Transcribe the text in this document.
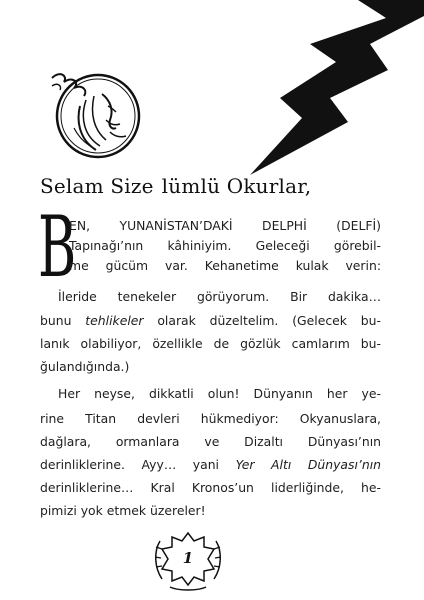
Selam Size lümlü Okurlar,
B
EN, YUNANİSTAN’DAKİ DELPHİ (DELFİ)
Tapınağı’nın kâhiniyim. Geleceği görebil-
me gücüm var. Kehanetime kulak verin:
İleride tenekeler görüyorum. Bir dakika…
bunu tehlikeler olarak düzeltelim. (Gelecek bu-
lanık olabiliyor, özellikle de gözlük camlarım bu-
ğulandığında.)
Her neyse, dikkatli olun! Dünyanın her ye-
rine Titan devleri hükmediyor: Okyanuslara,
dağlara, ormanlara ve Dizaltı Dünyası’nın
derinliklerine. Ayy… yani Yer Altı Dünyası’nın
derinliklerine… Kral Kronos’un liderliğinde, he-
pimizi yok etmek üzereler!
1
